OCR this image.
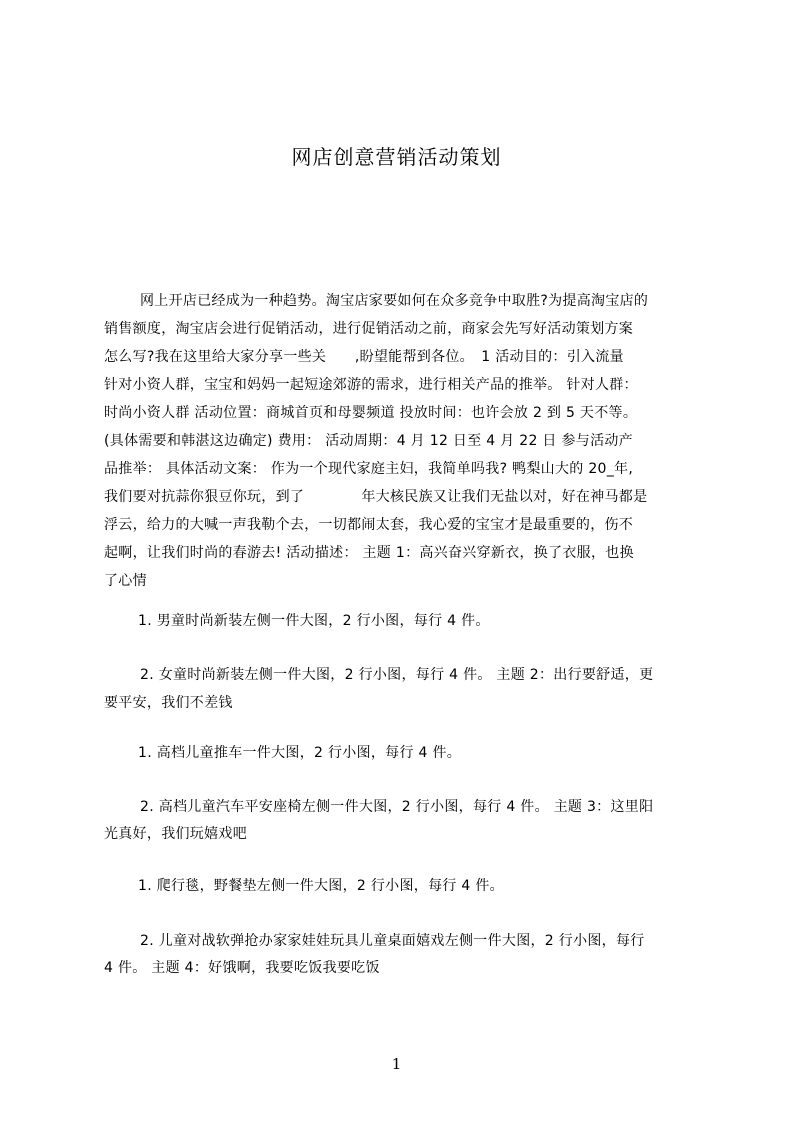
网店创意营销活动策划
网上开店已经成为一种趋势。淘宝店家要如何在众多竞争中取胜?为提高淘宝店的
销售额度，淘宝店会进行促销活动，进行促销活动之前，商家会先写好活动策划方案
怎么写?我在这里给大家分享一些关　　,盼望能帮到各位。　1 活动目的：引入流量
针对小资人群，宝宝和妈妈一起短途郊游的需求，进行相关产品的推举。 针对人群：
时尚小资人群 活动位置：商城首页和母婴频道 投放时间：也许会放 2 到 5 天不等。
(具体需要和韩湛这边确定) 费用： 活动周期：4 月 12 日至 4 月 22 日 参与活动产
品推举： 具体活动文案： 作为一个现代家庭主妇，我简单吗我? 鸭梨山大的 20_年,
我们要对抗蒜你狠豆你玩，到了　　　　年大核民族又让我们无盐以对，好在神马都是
浮云，给力的大喊一声我勒个去，一切都闹太套，我心爱的宝宝才是最重要的，伤不
起啊，让我们时尚的春游去! 活动描述： 主题 1：高兴奋兴穿新衣，换了衣服，也换
了心情
1. 男童时尚新装左侧一件大图，2 行小图，每行 4 件。
2. 女童时尚新装左侧一件大图，2 行小图，每行 4 件。 主题 2：出行要舒适，更
要平安，我们不差钱
1. 高档儿童推车一件大图，2 行小图，每行 4 件。
2. 高档儿童汽车平安座椅左侧一件大图，2 行小图，每行 4 件。 主题 3：这里阳
光真好，我们玩嬉戏吧
1. 爬行毯，野餐垫左侧一件大图，2 行小图，每行 4 件。
2. 儿童对战软弹抢办家家娃娃玩具儿童桌面嬉戏左侧一件大图，2 行小图，每行
4 件。 主题 4：好饿啊，我要吃饭我要吃饭
1
